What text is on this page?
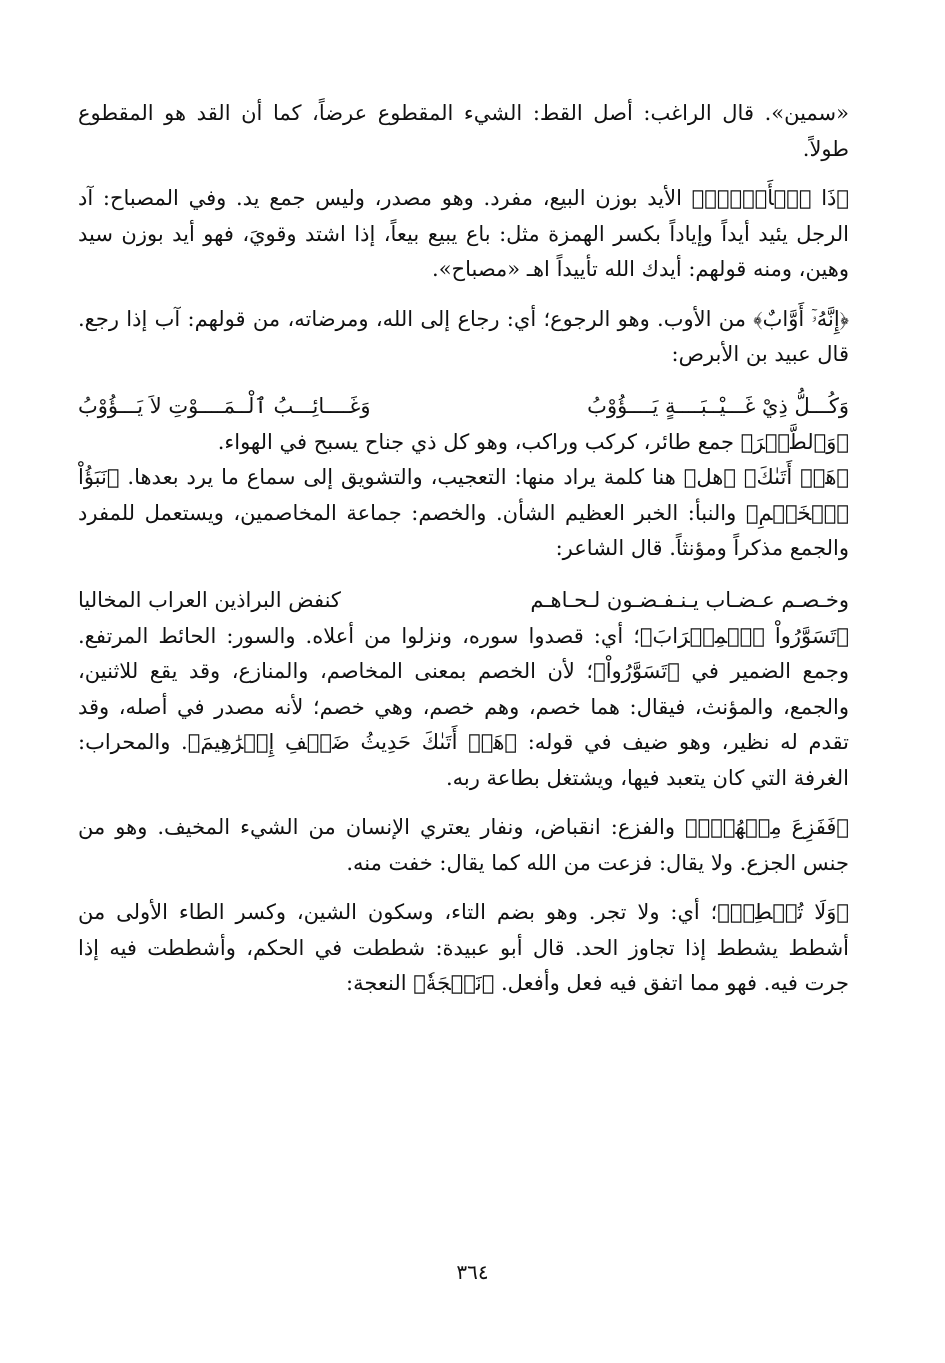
«سمين». قال الراغب: أصل القط: الشيء المقطوع عرضاً، كما أن القد هو المقطوع طولاً.

﴿ذَا ٱلۡأَيۡدِۖ﴾ الأيد بوزن البيع، مفرد. وهو مصدر، وليس جمع يد. وفي المصباح: آد الرجل يئيد أيداً وإياداً بكسر الهمزة مثل: باع يبيع بيعاً، إذا اشتد وقويَ، فهو أيد بوزن سيد وهين، ومنه قولهم: أيدك الله تأييداً اهـ «مصباح».

﴿إِنَّهُۥٓ أَوَّابٌ﴾ من الأوب. وهو الرجوع؛ أي: رجاع إلى الله، ومرضاته، من قولهم: آب إذا رجع. قال عبيد بن الأبرص:

وَكُـــلُّ ذِيْ غَـــيْــبَــــةٍ يَــــؤُوْبُ
وَغَــــائِـــبُ ٱلْــمَــــوْتِ لاَ يَـــؤُوْبُ

﴿وَٱلطَّيۡرَ﴾ جمع طائر، كركب وراكب، وهو كل ذي جناح يسبح في الهواء.

﴿هَلۡ أَتَىٰكَ﴾ ﴿هل﴾ هنا كلمة يراد منها: التعجيب، والتشويق إلى سماع ما يرد بعدها. ﴿نَبَؤُاْ ٱلۡخَصۡمِ﴾ والنبأ: الخبر العظيم الشأن. والخصم: جماعة المخاصمين، ويستعمل للمفرد والجمع مذكراً ومؤنثاً. قال الشاعر:

وخـصـم عـضـاب يـنـفـضـون لـحـاهـم
كنفض البراذين العراب المخاليا

﴿تَسَوَّرُواْ ٱلۡمِحۡرَابَ﴾؛ أي: قصدوا سوره، ونزلوا من أعلاه. والسور: الحائط المرتفع. وجمع الضمير في ﴿تَسَوَّرُواْ﴾؛ لأن الخصم بمعنى المخاصم، والمنازع، وقد يقع للاثنين، والجمع، والمؤنث، فيقال: هما خصم، وهم خصم، وهي خصم؛ لأنه مصدر في أصله، وقد تقدم له نظير، وهو ضيف في قوله: ﴿هَلۡ أَتَىٰكَ حَدِيثُ ضَيۡفِ إِبۡرَٰهِيمَ﴾. والمحراب: الغرفة التي كان يتعبد فيها، ويشتغل بطاعة ربه.

﴿فَفَزِعَ مِنۡهُمۡۖ﴾ والفزع: انقباض، ونفار يعتري الإنسان من الشيء المخيف. وهو من جنس الجزع. ولا يقال: فزعت من الله كما يقال: خفت منه.

﴿وَلَا تُشۡطِطۡ﴾؛ أي: ولا تجر. وهو بضم التاء، وسكون الشين، وكسر الطاء الأولى من أشطط يشطط إذا تجاوز الحد. قال أبو عبيدة: شططت في الحكم، وأشططت فيه إذا جرت فيه. فهو مما اتفق فيه فعل وأفعل. ﴿نَعۡجَةٗ﴾ النعجة:

٣٦٤
